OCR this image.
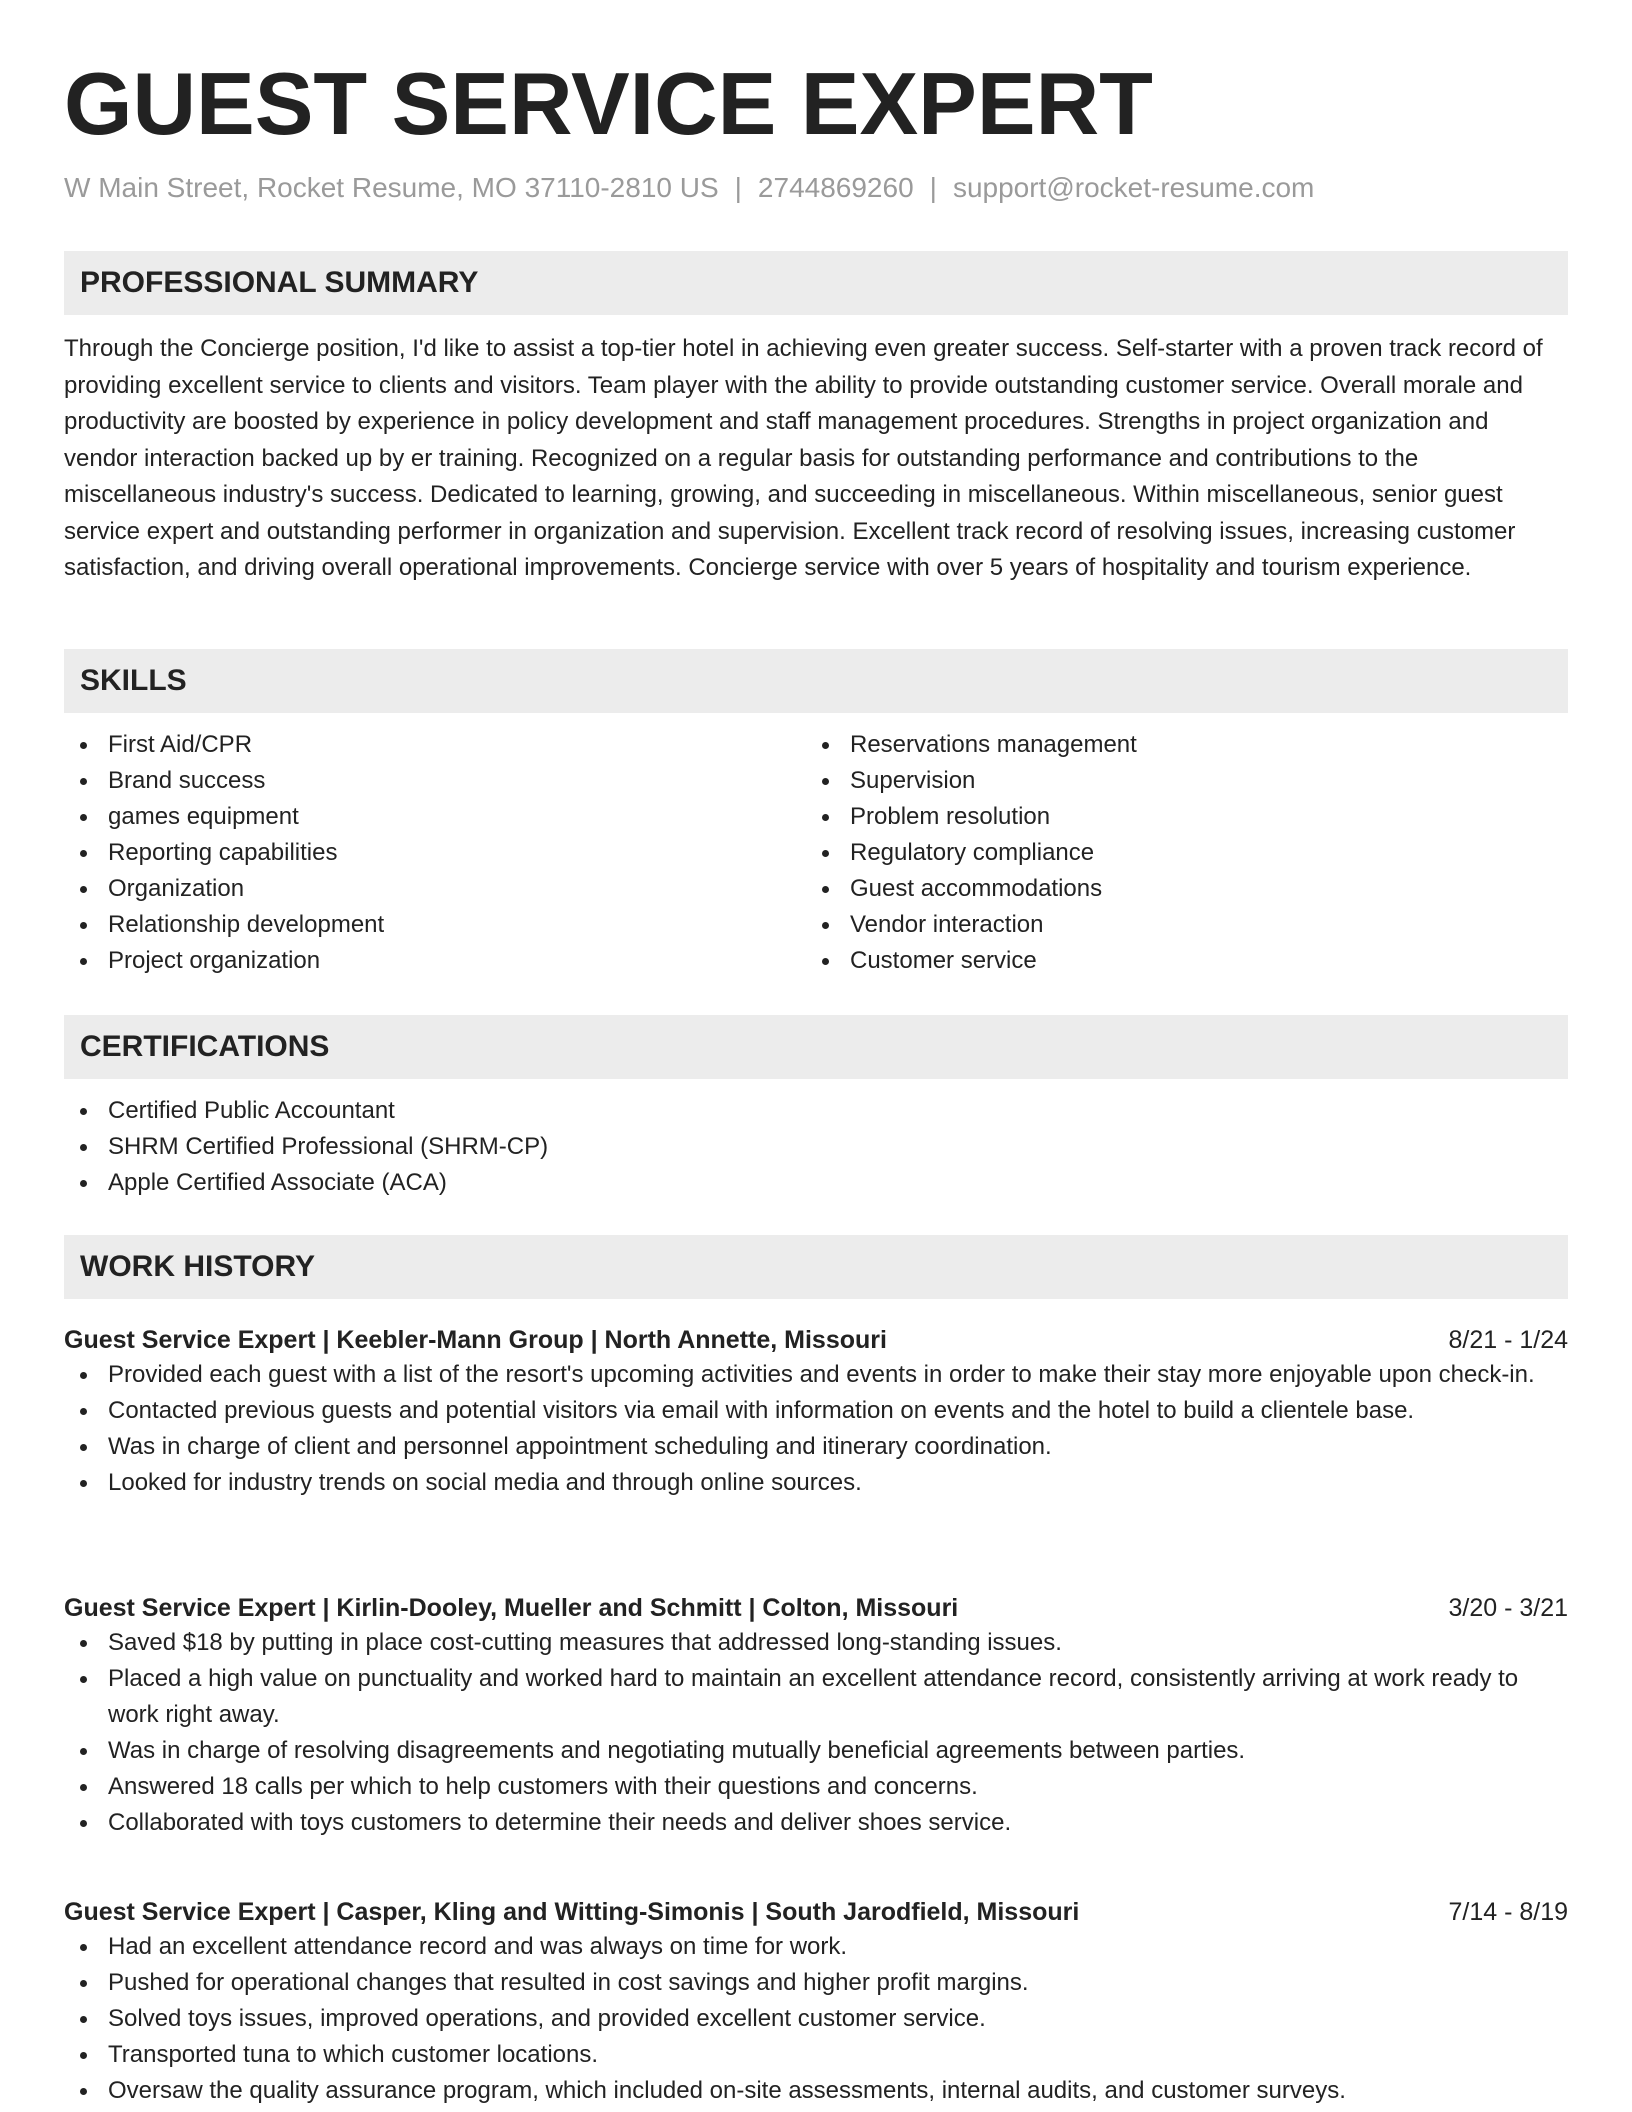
GUEST SERVICE EXPERT
W Main Street, Rocket Resume, MO 37110-2810 US | 2744869260 | support@rocket-resume.com
PROFESSIONAL SUMMARY
Through the Concierge position, I'd like to assist a top-tier hotel in achieving even greater success. Self-starter with a proven track record of providing excellent service to clients and visitors. Team player with the ability to provide outstanding customer service. Overall morale and productivity are boosted by experience in policy development and staff management procedures. Strengths in project organization and vendor interaction backed up by er training. Recognized on a regular basis for outstanding performance and contributions to the miscellaneous industry's success. Dedicated to learning, growing, and succeeding in miscellaneous. Within miscellaneous, senior guest service expert and outstanding performer in organization and supervision. Excellent track record of resolving issues, increasing customer satisfaction, and driving overall operational improvements. Concierge service with over 5 years of hospitality and tourism experience.
SKILLS
First Aid/CPR
Brand success
games equipment
Reporting capabilities
Organization
Relationship development
Project organization
Reservations management
Supervision
Problem resolution
Regulatory compliance
Guest accommodations
Vendor interaction
Customer service
CERTIFICATIONS
Certified Public Accountant
SHRM Certified Professional (SHRM-CP)
Apple Certified Associate (ACA)
WORK HISTORY
Guest Service Expert | Keebler-Mann Group | North Annette, Missouri	8/21 - 1/24
Provided each guest with a list of the resort's upcoming activities and events in order to make their stay more enjoyable upon check-in.
Contacted previous guests and potential visitors via email with information on events and the hotel to build a clientele base.
Was in charge of client and personnel appointment scheduling and itinerary coordination.
Looked for industry trends on social media and through online sources.
Guest Service Expert | Kirlin-Dooley, Mueller and Schmitt | Colton, Missouri	3/20 - 3/21
Saved $18 by putting in place cost-cutting measures that addressed long-standing issues.
Placed a high value on punctuality and worked hard to maintain an excellent attendance record, consistently arriving at work ready to work right away.
Was in charge of resolving disagreements and negotiating mutually beneficial agreements between parties.
Answered 18 calls per which to help customers with their questions and concerns.
Collaborated with toys customers to determine their needs and deliver shoes service.
Guest Service Expert | Casper, Kling and Witting-Simonis | South Jarodfield, Missouri	7/14 - 8/19
Had an excellent attendance record and was always on time for work.
Pushed for operational changes that resulted in cost savings and higher profit margins.
Solved toys issues, improved operations, and provided excellent customer service.
Transported tuna to which customer locations.
Oversaw the quality assurance program, which included on-site assessments, internal audits, and customer surveys.
